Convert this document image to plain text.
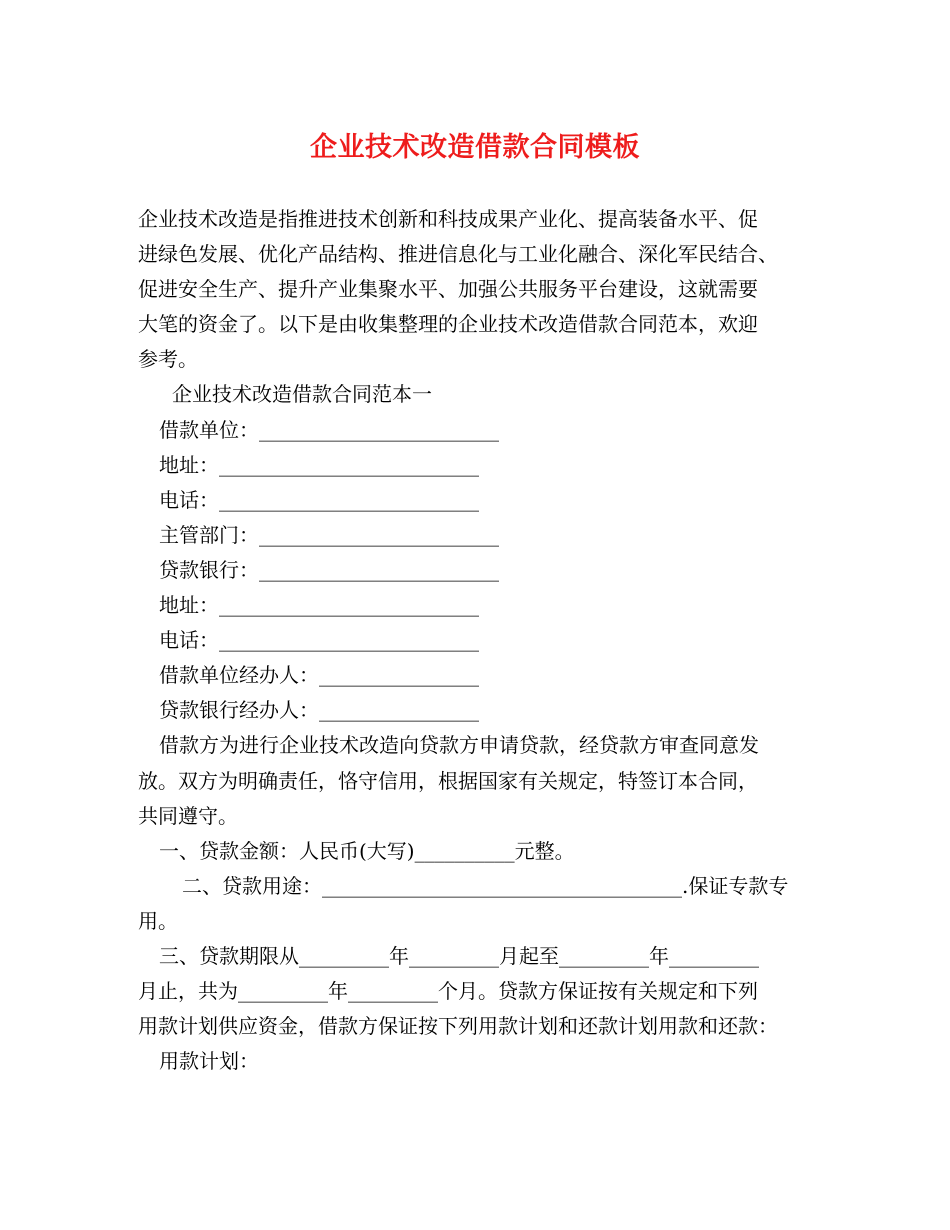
企业技术改造借款合同模板
企业技术改造是指推进技术创新和科技成果产业化、提高装备水平、促
进绿色发展、优化产品结构、推进信息化与工业化融合、深化军民结合、
促进安全生产、提升产业集聚水平、加强公共服务平台建设，这就需要
大笔的资金了。以下是由收集整理的企业技术改造借款合同范本，欢迎
参考。
企业技术改造借款合同范本一
借款单位：________________________
地址：__________________________
电话：__________________________
主管部门：________________________
贷款银行：________________________
地址：__________________________
电话：__________________________
借款单位经办人：________________
贷款银行经办人：________________
借款方为进行企业技术改造向贷款方申请贷款，经贷款方审查同意发
放。双方为明确责任，恪守信用，根据国家有关规定，特签订本合同，
共同遵守。
一、贷款金额：人民币(大写)__________元整。
二、贷款用途：____________________________________.保证专款专
用。
三、贷款期限从_________年_________月起至_________年_________
月止，共为_________年_________个月。贷款方保证按有关规定和下列
用款计划供应资金，借款方保证按下列用款计划和还款计划用款和还款：
用款计划：
